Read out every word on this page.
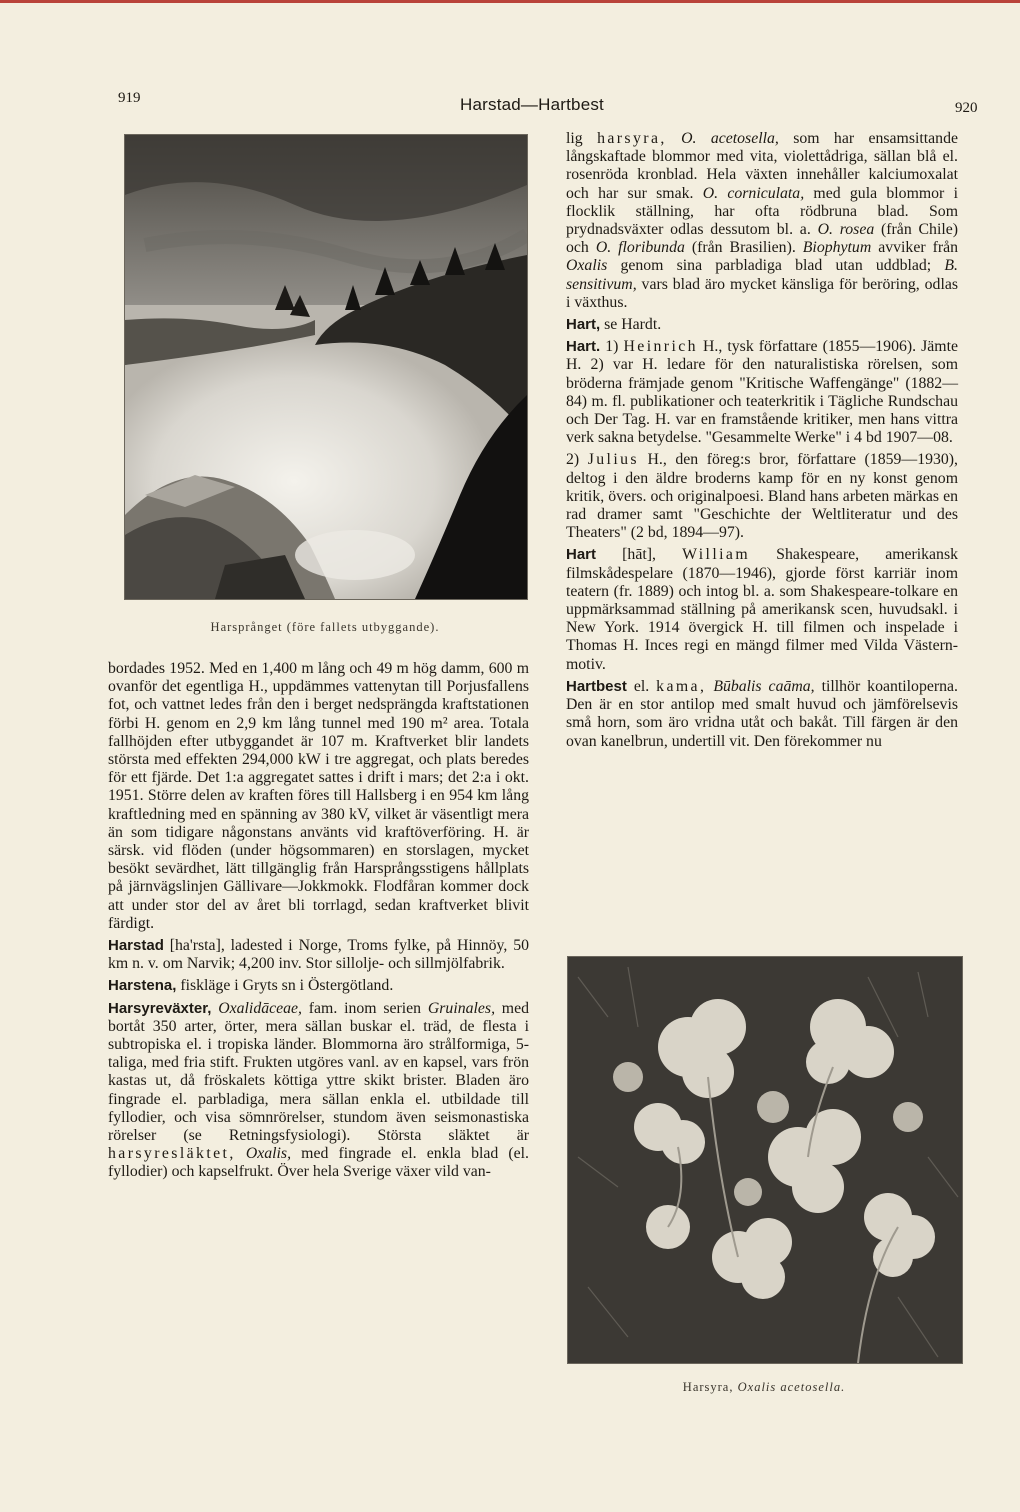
919	Harstad—Hartbest	920
Harsprånget (före fallets utbyggande).

bordades 1952. Med en 1,400 m lång och 49 m hög damm, 600 m ovanför det egentliga H., uppdämmes vattenytan till Porjusfallens fot, och vattnet ledes från den i berget nedsprängda kraftstationen förbi H. genom en 2,9 km lång tunnel med 190 m² area. Totala fallhöjden efter utbyggandet är 107 m. Kraftverket blir landets största med effekten 294,000 kW i tre aggregat, och plats beredes för ett fjärde. Det 1:a aggregatet sattes i drift i mars; det 2:a i okt. 1951. Större delen av kraften föres till Hallsberg i en 954 km lång kraftledning med en spänning av 380 kV, vilket är väsentligt mera än som tidigare någonstans använts vid kraftöverföring. H. är särsk. vid flöden (under högsommaren) en storslagen, mycket besökt sevärdhet, lätt tillgänglig från Harsprångsstigens hållplats på järnvägslinjen Gällivare—Jokkmokk. Flodfåran kommer dock att under stor del av året bli torrlagd, sedan kraftverket blivit färdigt.

Harstad [ha'rsta], ladested i Norge, Troms fylke, på Hinnöy, 50 km n. v. om Narvik; 4,200 inv. Stor sillolje- och sillmjölfabrik.

Harstena, fiskläge i Gryts sn i Östergötland.

Harsyreväxter, Oxalidāceae, fam. inom serien Gruinales, med bortåt 350 arter, örter, mera sällan buskar el. träd, de flesta i subtropiska el. i tropiska länder. Blommorna äro strålformiga, 5-taliga, med fria stift. Frukten utgöres vanl. av en kapsel, vars frön kastas ut, då fröskalets köttiga yttre skikt brister. Bladen äro fingrade el. parbladiga, mera sällan enkla el. utbildade till fyllodier, och visa sömnrörelser, stundom även seismonastiska rörelser (se Retningsfysiologi). Största släktet är harsyresläktet, Oxalis, med fingrade el. enkla blad (el. fyllodier) och kapselfrukt. Över hela Sverige växer vild van-

lig harsyra, O. acetosella, som har ensamsittande långskaftade blommor med vita, violettådriga, sällan blå el. rosenröda kronblad. Hela växten innehåller kalciumoxalat och har sur smak. O. corniculata, med gula blommor i flocklik ställning, har ofta rödbruna blad. Som prydnadsväxter odlas dessutom bl. a. O. rosea (från Chile) och O. floribunda (från Brasilien). Biophytum avviker från Oxalis genom sina parbladiga blad utan uddblad; B. sensitivum, vars blad äro mycket känsliga för beröring, odlas i växthus.

Hart, se Hardt.

Hart. 1) Heinrich H., tysk författare (1855—1906). Jämte H. 2) var H. ledare för den naturalistiska rörelsen, som bröderna främjade genom "Kritische Waffengänge" (1882—84) m. fl. publikationer och teaterkritik i Tägliche Rundschau och Der Tag. H. var en framstående kritiker, men hans vittra verk sakna betydelse. "Gesammelte Werke" i 4 bd 1907—08.

2) Julius H., den föreg:s bror, författare (1859—1930), deltog i den äldre broderns kamp för en ny konst genom kritik, övers. och originalpoesi. Bland hans arbeten märkas en rad dramer samt "Geschichte der Weltliteratur und des Theaters" (2 bd, 1894—97).

Hart [hāt], William Shakespeare, amerikansk filmskådespelare (1870—1946), gjorde först karriär inom teatern (fr. 1889) och intog bl. a. som Shakespeare-tolkare en uppmärksammad ställning på amerikansk scen, huvudsakl. i New York. 1914 övergick H. till filmen och inspelade i Thomas H. Inces regi en mängd filmer med Vilda Västern-motiv.

Hartbest el. kama, Būbalis caāma, tillhör koantiloperna. Den är en stor antilop med smalt huvud och jämförelsevis små horn, som äro vridna utåt och bakåt. Till färgen är den ovan kanelbrun, undertill vit. Den förekommer nu

Harsyra, Oxalis acetosella.
